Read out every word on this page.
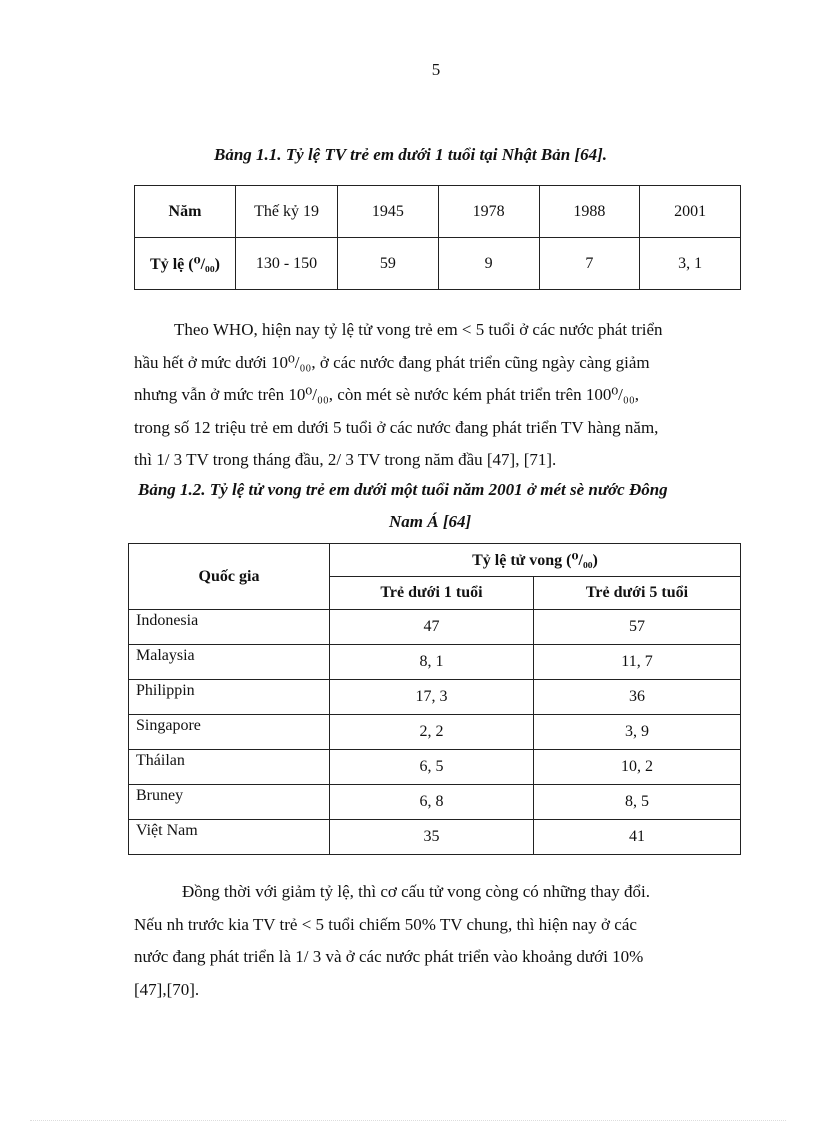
5
Bảng 1.1. Tỷ lệ TV trẻ em dưới 1 tuổi tại Nhật Bản [64].
Năm	Thế kỷ 19	1945	1978	1988	2001
Tỷ lệ (⁰/₀₀)	130 - 150	59	9	7	3, 1
Theo WHO, hiện nay tỷ lệ tử vong trẻ em < 5 tuổi ở các nước phát triển
hầu hết ở mức dưới 10⁰/₀₀, ở các nước đang phát triển cũng ngày càng giảm
nhưng vẫn ở mức trên 10⁰/₀₀, còn mét sè nước kém phát triển trên 100⁰/₀₀,
trong số 12 triệu trẻ em dưới 5 tuổi ở các nước đang phát triển TV hàng năm,
thì 1/ 3 TV trong tháng đầu, 2/ 3 TV trong năm đầu [47], [71].
Bảng 1.2. Tỷ lệ tử vong trẻ em dưới một tuổi năm 2001 ở mét sè nước Đông
Nam Á [64]
Quốc gia	Tỷ lệ tử vong (⁰/₀₀)	
	Trẻ dưới 1 tuổi	Trẻ dưới 5 tuổi
Indonesia	47	57
Malaysia	8, 1	11, 7
Philippin	17, 3	36
Singapore	2, 2	3, 9
Tháilan	6, 5	10, 2
Bruney	6, 8	8, 5
Việt Nam	35	41
Đồng thời với giảm tỷ lệ, thì cơ cấu tử vong còng có những thay đổi.
Nếu nh trước kia TV trẻ < 5 tuổi chiếm 50% TV chung, thì hiện nay ở các
nước đang phát triển là 1/ 3 và ở các nước phát triển vào khoảng dưới 10%
[47],[70].
